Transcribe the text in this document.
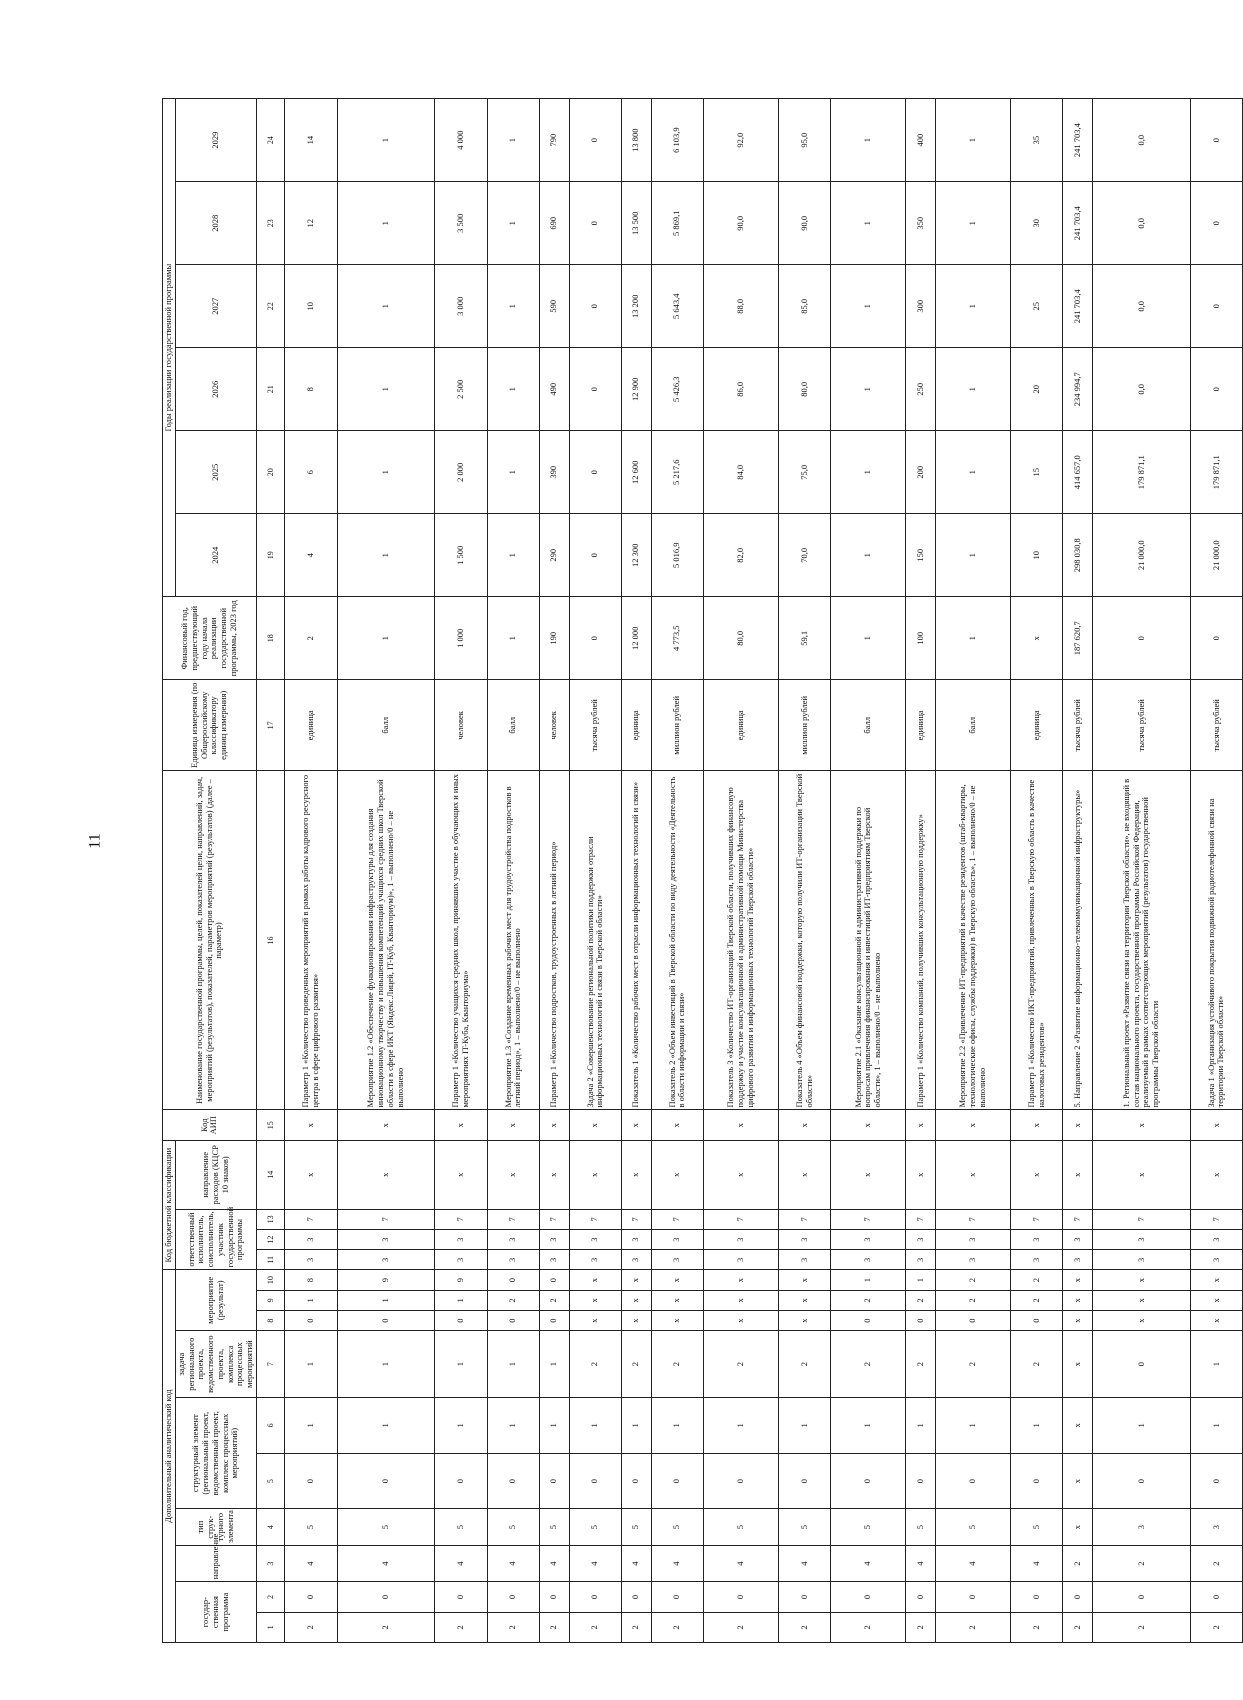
11
Дополнительный аналитический код										Код бюджетной классификации				Код АИП	Наименование государственной программы, целей, показателей цели, направлений, задач, мероприятий (результатов), показателей, параметров мероприятий (результатов) (далее – параметр)	Единица измерения (по Общероссийскому классификатору единиц измерения)	Финансовый год, предшествующий году начала реализации государственной программы, 2023 год	Годы реализации государственной программы					
государ-ственная программа		направление	тип струк-турного элемента	структурный элемент (региональный проект, ведомственный проект, комплекс процессных мероприятий)		задача регионального проекта, ведомственного проекта, комплекса процессных мероприятий	мероприятие (результат)			ответственный исполнитель, соисполнитель, участник государственной программы			направление расходов (КЦСР 10 знаков)					2024	2025	2026	2027	2028	2029

1	2	3	4	5	6	7	8	9	10	11	12	13	14	15	16	17	18	19	20	21	22	23	24
2	0	4	5	0	1	1	0	1	8	3	3	7	x	x	Параметр 1 «Количество проведенных мероприятий в рамках работы кадрового ресурсного центра в сфере цифрового развития»	единица	2	4	6	8	10	12	14
2	0	4	5	0	1	1	0	1	9	3	3	7	x	x	Мероприятие 1.2 «Обеспечение функционирования инфраструктуры для создания инновационному творчеству и повышения компетенций учащихся средних школ Тверской области в сфере ИКТ (Яндекс.Лицей, IT-Куб, Кванториум)», 1 – выполнено/0 – не выполнено	балл	1	1	1	1	1	1	1
2	0	4	5	0	1	1	0	1	9	3	3	7	x	x	Параметр 1 «Количество учащихся средних школ, принявших участие в обучающих и иных мероприятиях IT-Куба, Кванториума»	человек	1 000	1 500	2 000	2 500	3 000	3 500	4 000
2	0	4	5	0	1	1	0	2	0	3	3	7	x	x	Мероприятие 1.3 «Создание временных рабочих мест для трудоустройства подростков в летний период», 1 – выполнено/0 – не выполнено	балл	1	1	1	1	1	1	1
2	0	4	5	0	1	1	0	2	0	3	3	7	x	x	Параметр 1 «Количество подростков, трудоустроенных в летний период»	человек	190	290	390	490	590	690	790
2	0	4	5	0	1	2	x	x	x	3	3	7	x	x	Задача 2 «Совершенствование региональной политики поддержки отрасли информационных технологий и связи в Тверской области»	тысяча рублей	0	0	0	0	0	0	0
2	0	4	5	0	1	2	x	x	x	3	3	7	x	x	Показатель 1 «Количество рабочих мест в отрасли информационных технологий и связи»	единица	12 000	12 300	12 600	12 900	13 200	13 500	13 800
2	0	4	5	0	1	2	x	x	x	3	3	7	x	x	Показатель 2 «Объем инвестиций в Тверской области по виду деятельности «Деятельность в области информации и связи»	миллион рублей	4 773,5	5 016,9	5 217,6	5 426,3	5 643,4	5 869,1	6 103,9
2	0	4	5	0	1	2	x	x	x	3	3	7	x	x	Показатель 3 «Количество ИТ-организаций Тверской области, получивших финансовую поддержку и участие консультационной и административной помощи Министерства цифрового развития и информационных технологий Тверской области»	единица	80,0	82,0	84,0	86,0	88,0	90,0	92,0
2	0	4	5	0	1	2	x	x	x	3	3	7	x	x	Показатель 4 «Объем финансовой поддержки, которую получили ИТ-организации Тверской области»	миллион рублей	59,1	70,0	75,0	80,0	85,0	90,0	95,0
2	0	4	5	0	1	2	0	2	1	3	3	7	x	x	Мероприятие 2.1 «Оказание консультационной и административной поддержки по вопросам привлечения финансирования и инвестиций ИТ-предприятиям Тверской области», 1 – выполнено/0 – не выполнено	балл	1	1	1	1	1	1	1
2	0	4	5	0	1	2	0	2	1	3	3	7	x	x	Параметр 1 «Количество компаний, получивших консультационную поддержку»	единица	100	150	200	250	300	350	400
2	0	4	5	0	1	2	0	2	2	3	3	7	x	x	Мероприятие 2.2 «Привлечение ИТ-предприятий в качестве резидентов (штаб-квартиры, технологические офисы, службы поддержки) в Тверскую область», 1 – выполнено/0 – не выполнено	балл	1	1	1	1	1	1	1
2	0	4	5	0	1	2	0	2	2	3	3	7	x	x	Параметр 1 «Количество ИКТ-предприятий, привлеченных в Тверскую область в качестве налоговых резидентов»	единица	x	10	15	20	25	30	35
2	0	2	x	x	x	x	x	x	x	3	3	7	x	x	5. Направление 2 «Развитие информационно-телекоммуникационной инфраструктуры»	тысяча рублей	187 620,7	298 030,8	414 657,0	234 994,7	241 703,4	241 703,4	241 703,4
2	0	2	3	0	1	0	x	x	x	3	3	7	x	x	1. Региональный проект «Развитие связи на территории Тверской области», не входящий в состав национального проекта, государственной программы Российской Федерации, реализуемый в рамках соответствующих мероприятий (результатов) государственной программы Тверской области	тысяча рублей	0	21 000,0	179 871,1	0,0	0,0	0,0	0,0
2	0	2	3	0	1	1	x	x	x	3	3	7	x	x	Задача 1 «Организация устойчивого покрытия подвижной радиотелефонной связи на территории Тверской области»	тысяча рублей	0	21 000,0	179 871,1	0	0	0	0
